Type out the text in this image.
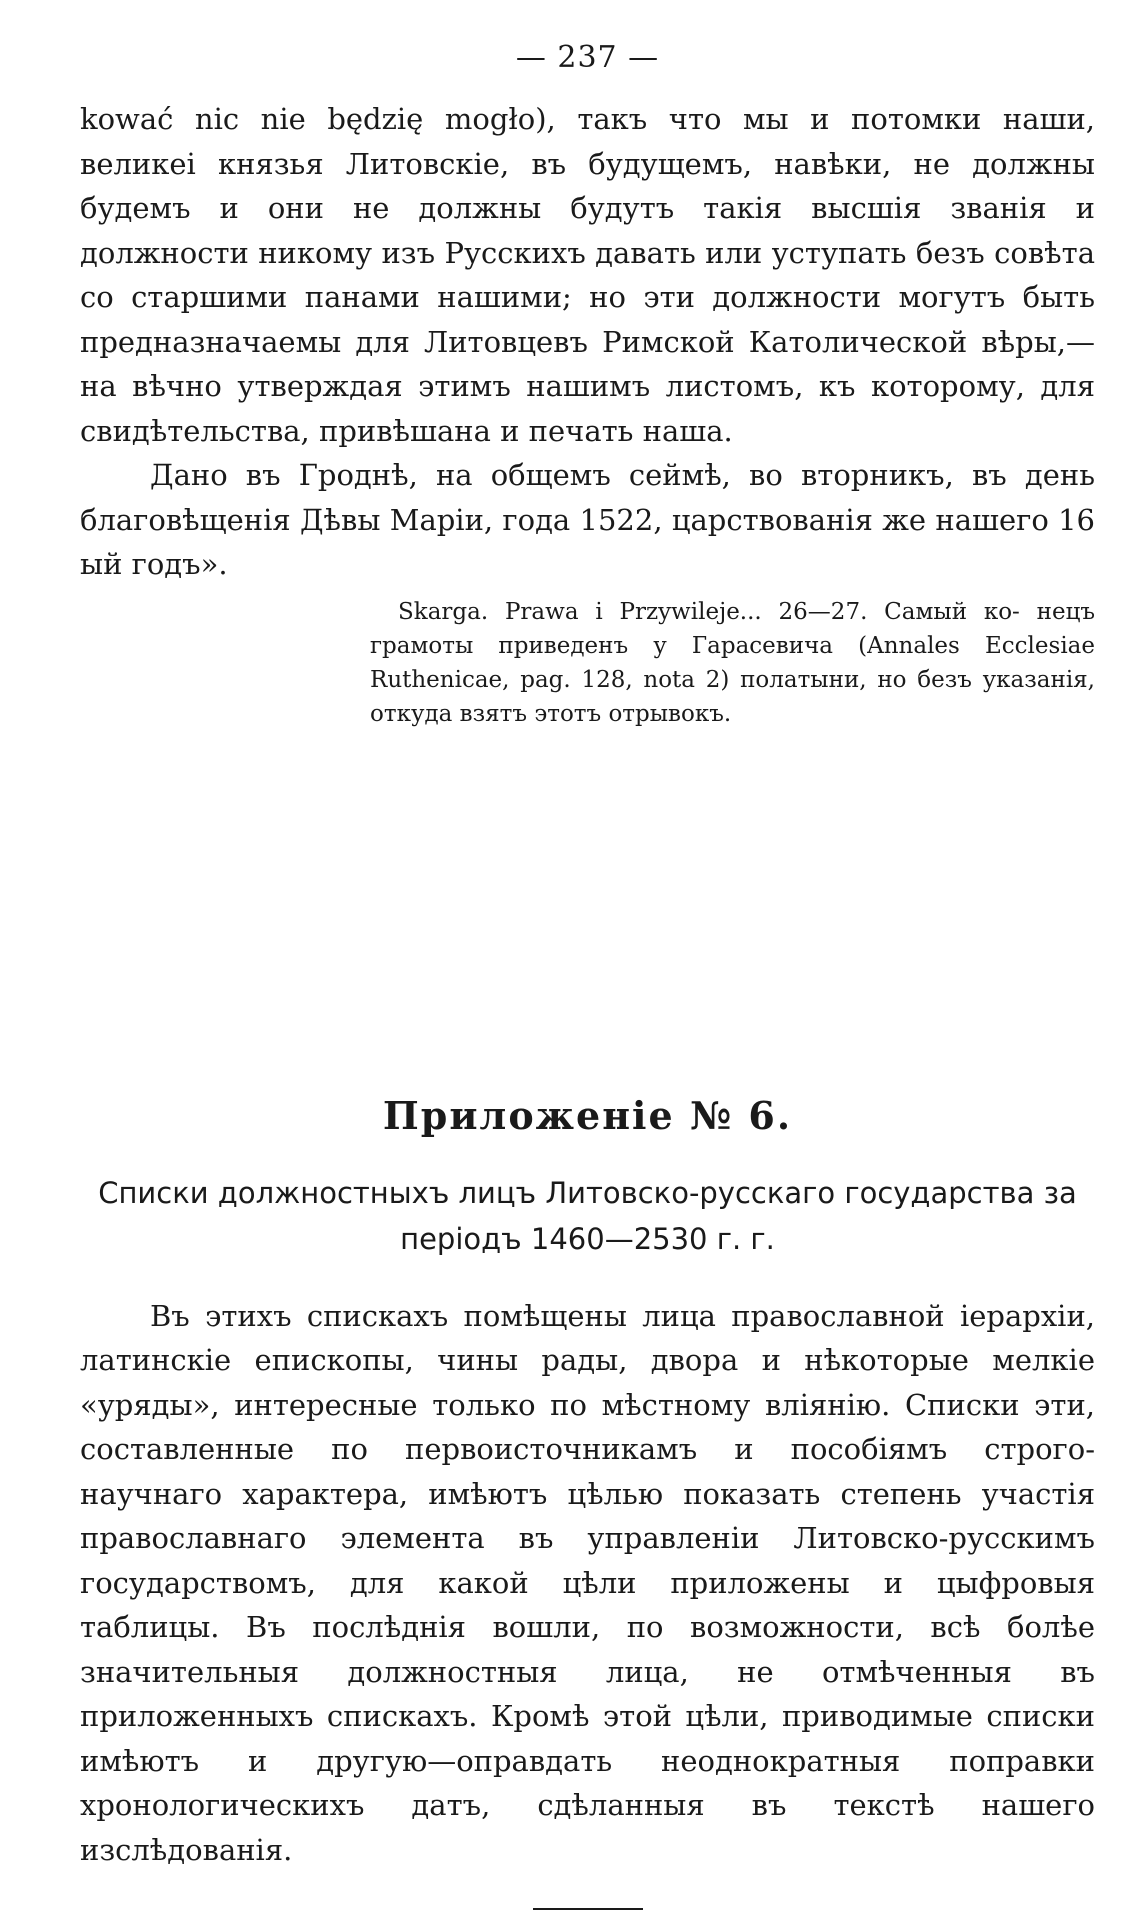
— 237 —

kować nic nie będzię mogło), такъ что мы и потомки наши, великеі князья Литовскіе, въ будущемъ, навѣки, не должны будемъ и они не должны будутъ такія высшія званія и должности никому изъ Русскихъ давать или уступать безъ совѣта со старшими панами нашими; но эти должности могутъ быть предназначаемы для Литовцевъ Римской Католической вѣры,—на вѣчно утверждая этимъ нашимъ листомъ, къ которому, для свидѣтельства, привѣшана и печать наша.

Дано въ Гроднѣ, на общемъ сеймѣ, во вторникъ, въ день благовѣщенія Дѣвы Маріи, года 1522, царствованія же нашего 16 ый годъ».

Skarga. Prawa i Przywileje... 26—27. Самый ко- нецъ грамоты приведенъ у Гарасевича (Annales Ecclesiae Ruthenicae, pag. 128, nota 2) полатыни, но безъ указанія, откуда взятъ этотъ отрывокъ.
Приложеніе № 6.
Списки должностныхъ лицъ Литовско-русскаго государства за періодъ 1460—2530 г. г.

Въ этихъ спискахъ помѣщены лица православной іерархіи, латинскіе епископы, чины рады, двора и нѣкоторые мелкіе «уряды», интересные только по мѣстному вліянію. Списки эти, составленные по первоисточникамъ и пособіямъ строго-научнаго характера, имѣютъ цѣлью показать степень участія православнаго элемента въ управленіи Литовско-русскимъ государствомъ, для какой цѣли приложены и цыфровыя таблицы. Въ послѣднія вошли, по возможности, всѣ болѣе значительныя должностныя лица, не отмѣченныя въ приложенныхъ спискахъ. Кромѣ этой цѣли, приводимые списки имѣютъ и другую—оправдать неоднократныя поправки хронологическихъ датъ, сдѣланныя въ текстѣ нашего изслѣдованія.
